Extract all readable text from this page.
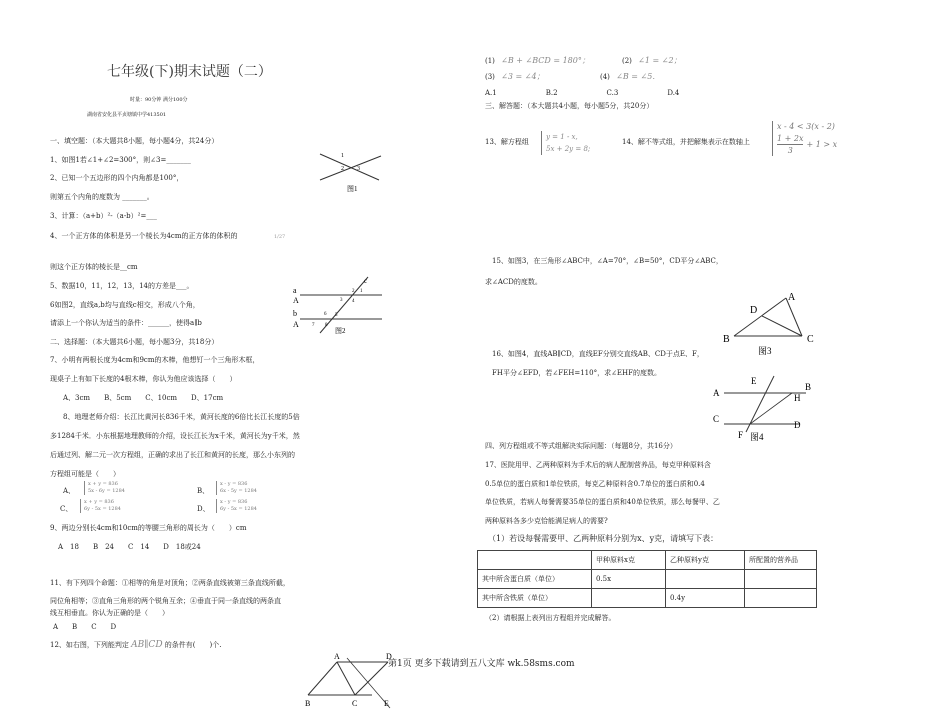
七年级(下)期末试题（二）
时量：90分钟 满分100分
湖南省安化县平贞塘镇中学413501
一、填空题：（本大题共8小题，每小题4分，共24分）
1、如图1若∠1+∠2=300°，则∠3=_______
2、已知一个五边形的四个内角都是100°，
则第五个内角的度数为 _______。
3、计算：（a+b）²-（a-b）²=___
4、一个正方体的体积是另一个棱长为4cm的正方体的体积的	1/27
则这个正方体的棱长是__cm
5、数据10，11，12，13，14的方差是___。
6如图2，直线a,b均与直线c相交，形成八个角，
请添上一个你认为适当的条件：______，使得a∥b
二、选择题：（本大题共6小题，每小题3分，共18分）
7、小明有两根长度为4cm和9cm的木棒，他想钉一个三角形木框，
现桌子上有如下长度的4根木棒，你认为他应该选择（　　）
A、3cm　　B、5cm　　C、10cm　　D、17cm
8、地理老师介绍：长江比黄河长836千米，黄河长度的6倍比长江长度的5倍
多1284千米．小东根据地理教师的介绍，设长江长为x千米，黄河长为y千米，然
后通过列、解二元一次方程组，正确的求出了长江和黄河的长度，那么小东列的
方程组可能是（　　）
A、
x + y = 836
5x - 6y = 1284	B、
x - y = 836
6x - 5y = 1284
C、
x + y = 836
6y - 5x = 1284	D、
x - y = 836
6y - 5x = 1284
9、两边分别长4cm和10cm的等腰三角形的周长为（　　）cm
A　18　　B　24　　C　14　　D　18或24
11、有下列四个命题：①相等的角是对顶角；②两条直线被第三条直线所截，
同位角相等；③直角三角形的两个锐角互余；④垂直于同一条直线的两条直
线互相垂直。你认为正确的是（　　）
A　　B　　C　　D
12、如右图，下列能判定 AB∥CD 的条件有(　　)个.
1
2 3
图1
a
A
b
A
c
1
2
3 4
5
6
7 8
图2
A	D
B	C	E
(1) ∠B + ∠BCD = 180°；	(2) ∠1 = ∠2；
(3) ∠3 = ∠4；	(4) ∠B = ∠5．
A.1　　　　　　　B.2　　　　　　　C.3　　　　　　　D.4
三、解答题：（本大题共4小题，每小题5分，共20分）
13、解方程组
y = 1 - x,
5x + 2y = 8;
14、解不等式组，并把解集表示在数轴上
x - 4 < 3(x - 2)
1 + 2x
3
+ 1 > x
15、如图3，在三角形∠ABC中，∠A=70°，∠B=50°，CD平分∠ABC，
求∠ACD的度数。
A
D
B	C
图3
16、如图4，直线AB∥CD，直线EF分别交直线AB、CD于点E、F，
FH平分∠EFD，若∠FEH=110°，求∠EHF的度数。
A
E
B
H
C
D
F 图4
四、列方程组或不等式组解决实际问题：（每题8分，共16分）
17、医院用甲、乙两种原料为手术后的病人配制营养品，每克甲种原料含
0.5单位的蛋白质和1单位铁质，每克乙种原料含0.7单位的蛋白质和0.4
单位铁质，若病人每餐需要35单位的蛋白质和40单位铁质，那么每餐甲、乙
两种原料各多少克恰能满足病人的需要?
（1）若设每餐需要甲、乙两种原料分别为x、y克，请填写下表：
	甲种原料x克	乙种原料y克	所配置的营养品
其中所含蛋白质（单位）	0.5x		
其中所含铁质（单位）		0.4y	
（2）请根据上表列出方程组并完成解答。
第1页 更多下载请到五八文库 wk.58sms.com
